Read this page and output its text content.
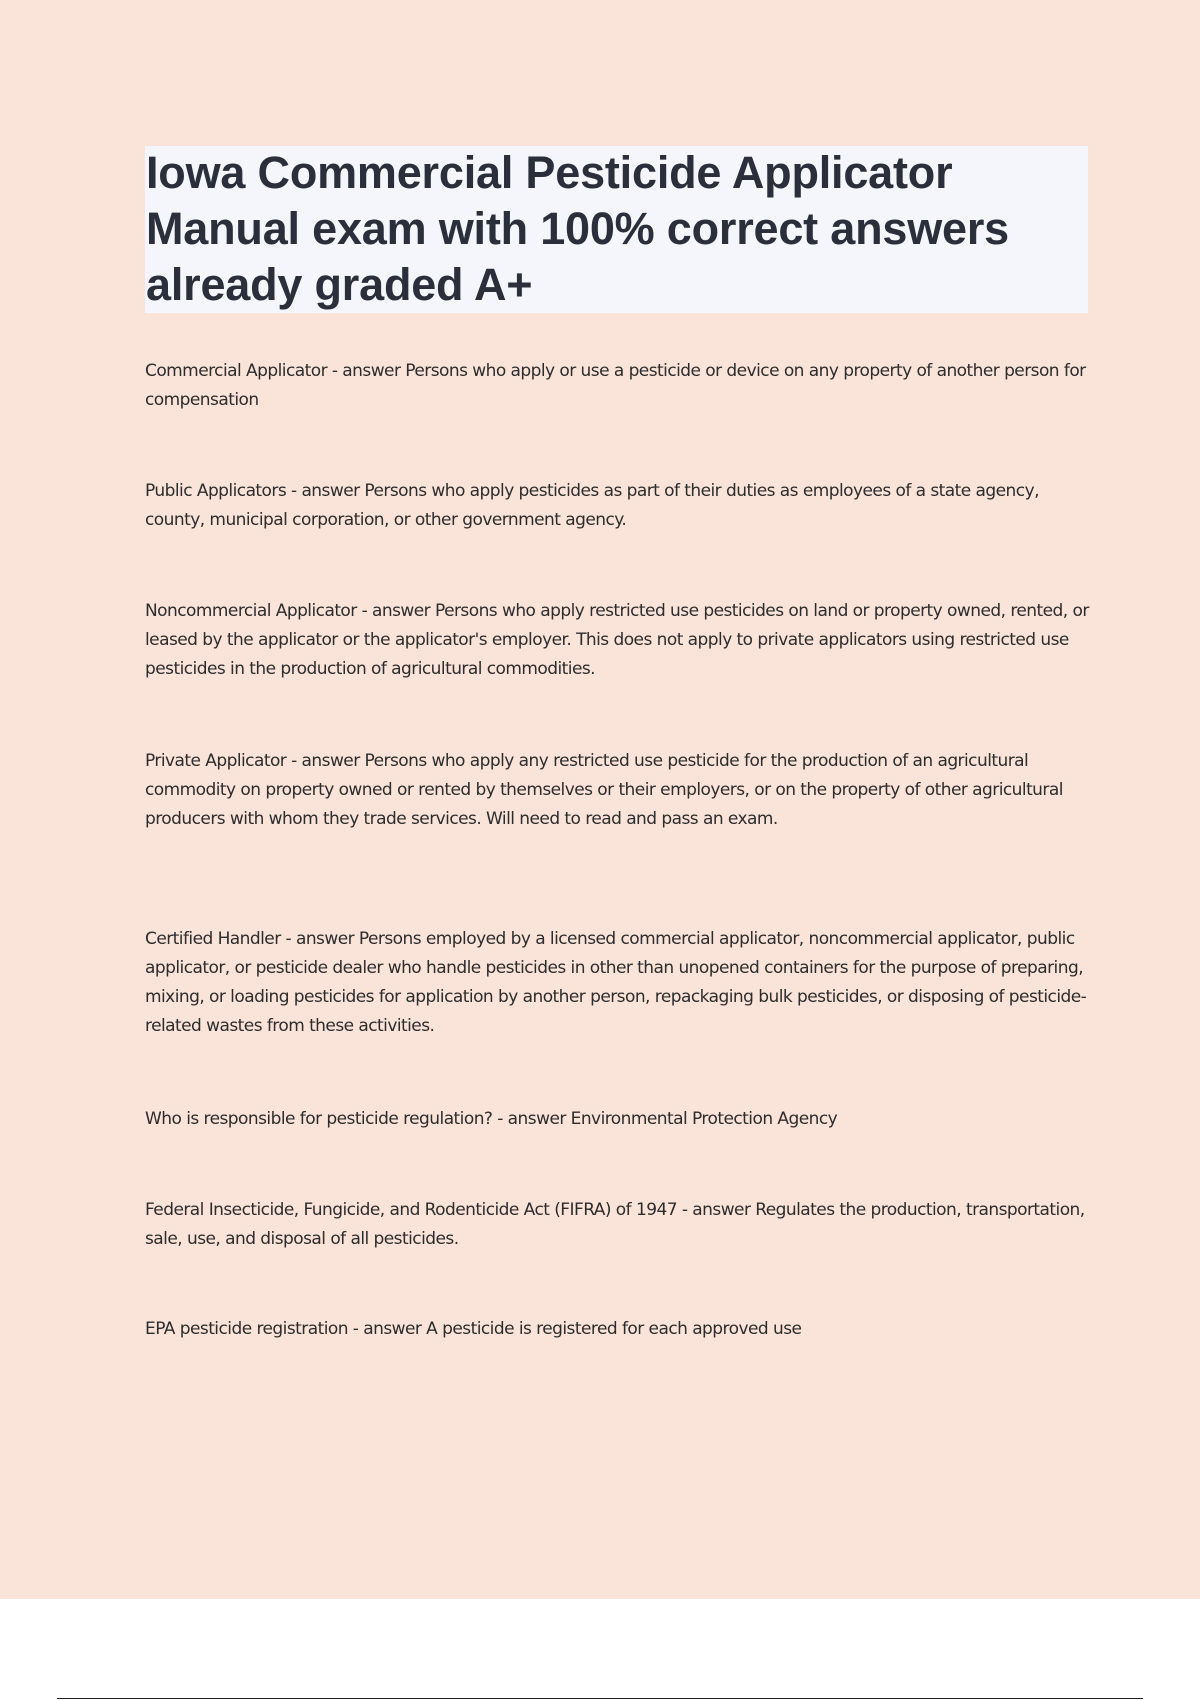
Iowa Commercial Pesticide Applicator Manual exam with 100% correct answers already graded A+

Commercial Applicator - answer Persons who apply or use a pesticide or device on any property of another person for compensation

Public Applicators - answer Persons who apply pesticides as part of their duties as employees of a state agency, county, municipal corporation, or other government agency.

Noncommercial Applicator - answer Persons who apply restricted use pesticides on land or property owned, rented, or leased by the applicator or the applicator's employer. This does not apply to private applicators using restricted use pesticides in the production of agricultural commodities.

Private Applicator - answer Persons who apply any restricted use pesticide for the production of an agricultural commodity on property owned or rented by themselves or their employers, or on the property of other agricultural producers with whom they trade services. Will need to read and pass an exam.

Certified Handler - answer Persons employed by a licensed commercial applicator, noncommercial applicator, public applicator, or pesticide dealer who handle pesticides in other than unopened containers for the purpose of preparing, mixing, or loading pesticides for application by another person, repackaging bulk pesticides, or disposing of pesticide-related wastes from these activities.

Who is responsible for pesticide regulation? - answer Environmental Protection Agency

Federal Insecticide, Fungicide, and Rodenticide Act (FIFRA) of 1947 - answer Regulates the production, transportation, sale, use, and disposal of all pesticides.

EPA pesticide registration - answer A pesticide is registered for each approved use
